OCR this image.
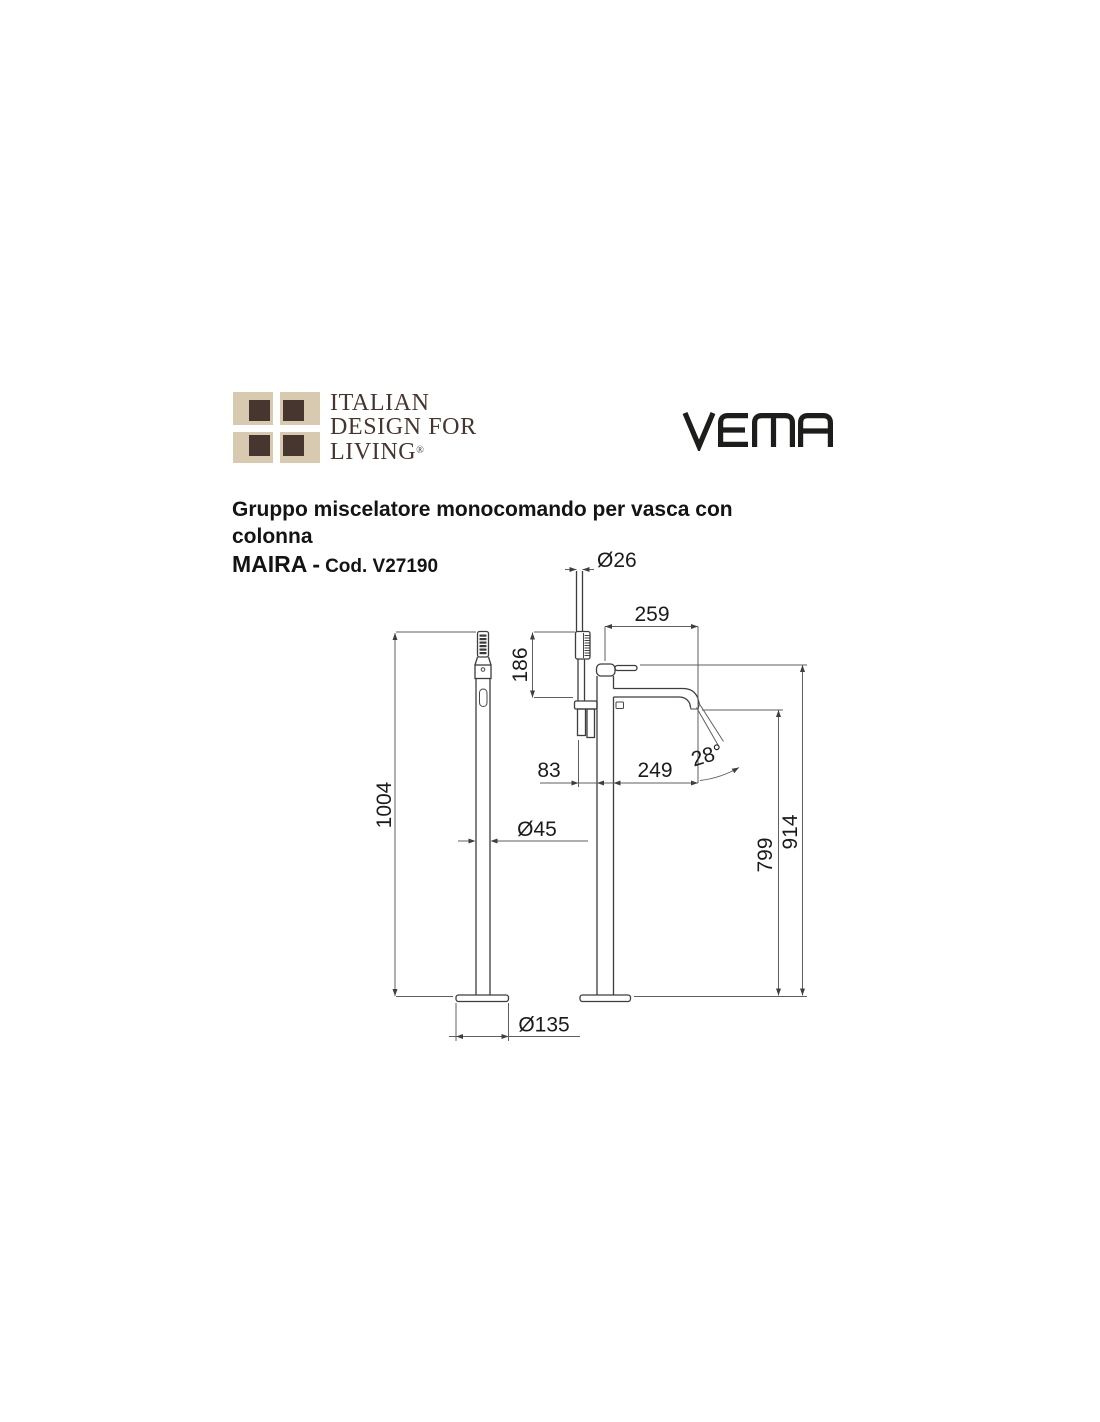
ITALIAN
DESIGN FOR
LIVING®
Gruppo miscelatore monocomando per vasca con
colonna
MAIRA - Cod. V27190	Ø26
259
186
1004
Ø45
83	249 28°
799
914
Ø135
